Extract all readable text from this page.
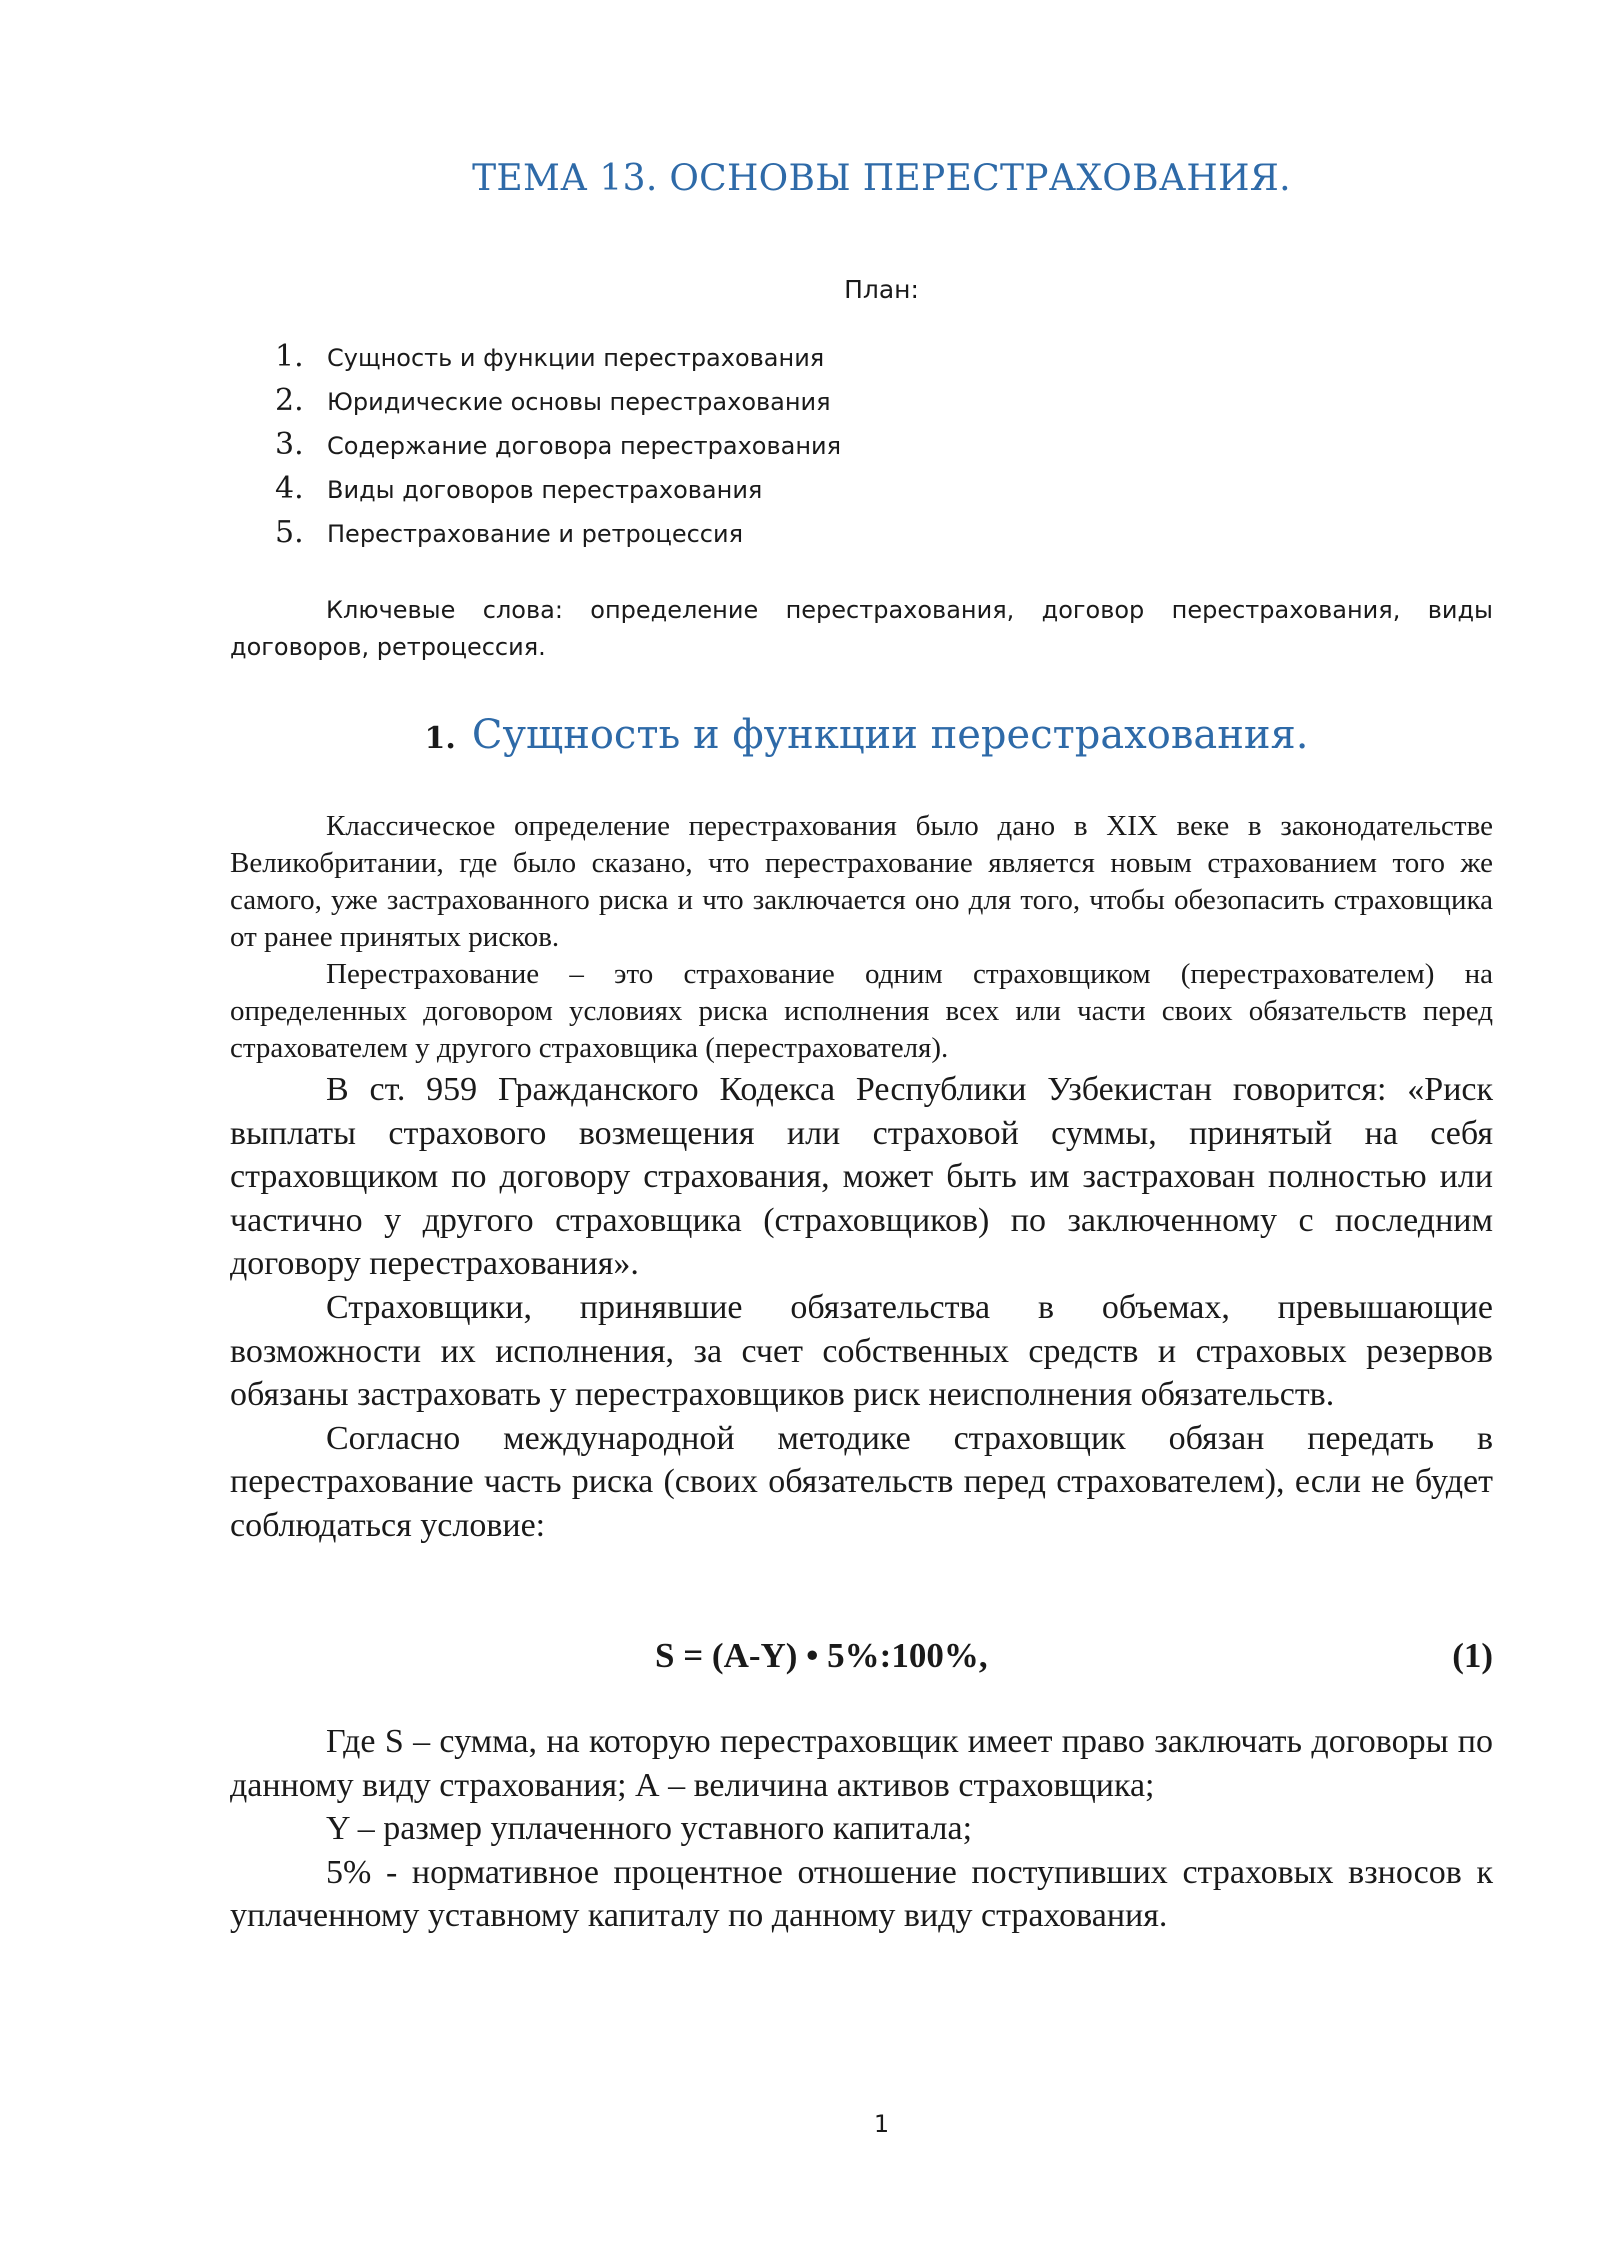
ТЕМА 13. ОСНОВЫ ПЕРЕСТРАХОВАНИЯ.
План:
1. Сущность и функции перестрахования
2. Юридические основы перестрахования
3. Содержание договора перестрахования
4. Виды договоров перестрахования
5. Перестрахование и ретроцессия

Ключевые слова: определение перестрахования, договор перестрахования, виды договоров, ретроцессия.

1. Сущность и функции перестрахования.

Классическое определение перестрахования было дано в XIX веке в законодательстве Великобритании, где было сказано, что перестрахование является новым страхованием того же самого, уже застрахованного риска и что заключается оно для того, чтобы обезопасить страховщика от ранее принятых рисков.

Перестрахование – это страхование одним страховщиком (перестрахователем) на определенных договором условиях риска исполнения всех или части своих обязательств перед страхователем у другого страховщика (перестрахователя).

В ст. 959 Гражданского Кодекса Республики Узбекистан говорится: «Риск выплаты страхового возмещения или страховой суммы, принятый на себя страховщиком по договору страхования, может быть им застрахован полностью или частично у другого страховщика (страховщиков) по заключенному с последним договору перестрахования».

Страховщики, принявшие обязательства в объемах, превышающие возможности их исполнения, за счет собственных средств и страховых резервов обязаны застраховать у перестраховщиков риск неисполнения обязательств.

Согласно международной методике страховщик обязан передать в перестрахование часть риска (своих обязательств перед страхователем), если не будет соблюдаться условие:

S = (A-Y) • 5%:100%,	(1)

Где S – сумма, на которую перестраховщик имеет право заключать договоры по данному виду страхования; А – величина активов страховщика;

Y – размер уплаченного уставного капитала;

5% - нормативное процентное отношение поступивших страховых взносов к уплаченному уставному капиталу по данному виду страхования.

1
